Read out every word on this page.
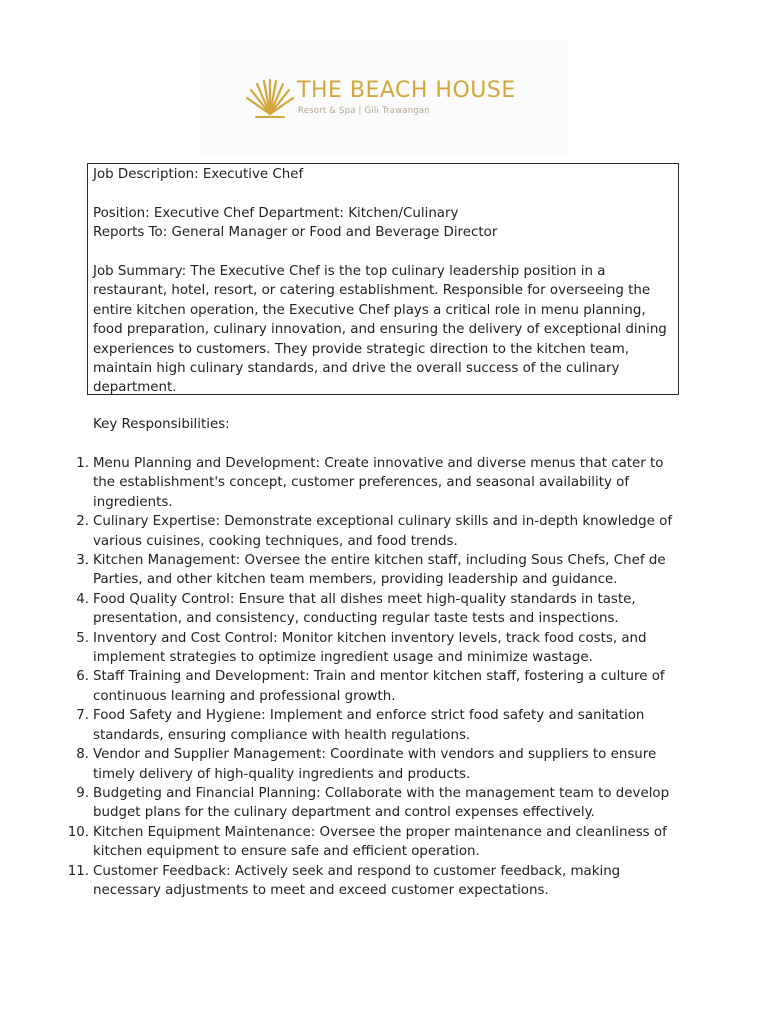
THE BEACH HOUSE
Resort & Spa | Gili Trawangan

Job Description: Executive Chef

Position: Executive Chef Department: Kitchen/Culinary

Reports To: General Manager or Food and Beverage Director

Job Summary: The Executive Chef is the top culinary leadership position in a restaurant, hotel, resort, or catering establishment. Responsible for overseeing the entire kitchen operation, the Executive Chef plays a critical role in menu planning, food preparation, culinary innovation, and ensuring the delivery of exceptional dining experiences to customers. They provide strategic direction to the kitchen team, maintain high culinary standards, and drive the overall success of the culinary department.

Key Responsibilities:

1. Menu Planning and Development: Create innovative and diverse menus that cater to the establishment's concept, customer preferences, and seasonal availability of ingredients.
2. Culinary Expertise: Demonstrate exceptional culinary skills and in-depth knowledge of various cuisines, cooking techniques, and food trends.
3. Kitchen Management: Oversee the entire kitchen staff, including Sous Chefs, Chef de Parties, and other kitchen team members, providing leadership and guidance.
4. Food Quality Control: Ensure that all dishes meet high-quality standards in taste, presentation, and consistency, conducting regular taste tests and inspections.
5. Inventory and Cost Control: Monitor kitchen inventory levels, track food costs, and implement strategies to optimize ingredient usage and minimize wastage.
6. Staff Training and Development: Train and mentor kitchen staff, fostering a culture of continuous learning and professional growth.
7. Food Safety and Hygiene: Implement and enforce strict food safety and sanitation standards, ensuring compliance with health regulations.
8. Vendor and Supplier Management: Coordinate with vendors and suppliers to ensure timely delivery of high-quality ingredients and products.
9. Budgeting and Financial Planning: Collaborate with the management team to develop budget plans for the culinary department and control expenses effectively.
10. Kitchen Equipment Maintenance: Oversee the proper maintenance and cleanliness of kitchen equipment to ensure safe and efficient operation.
11. Customer Feedback: Actively seek and respond to customer feedback, making necessary adjustments to meet and exceed customer expectations.
